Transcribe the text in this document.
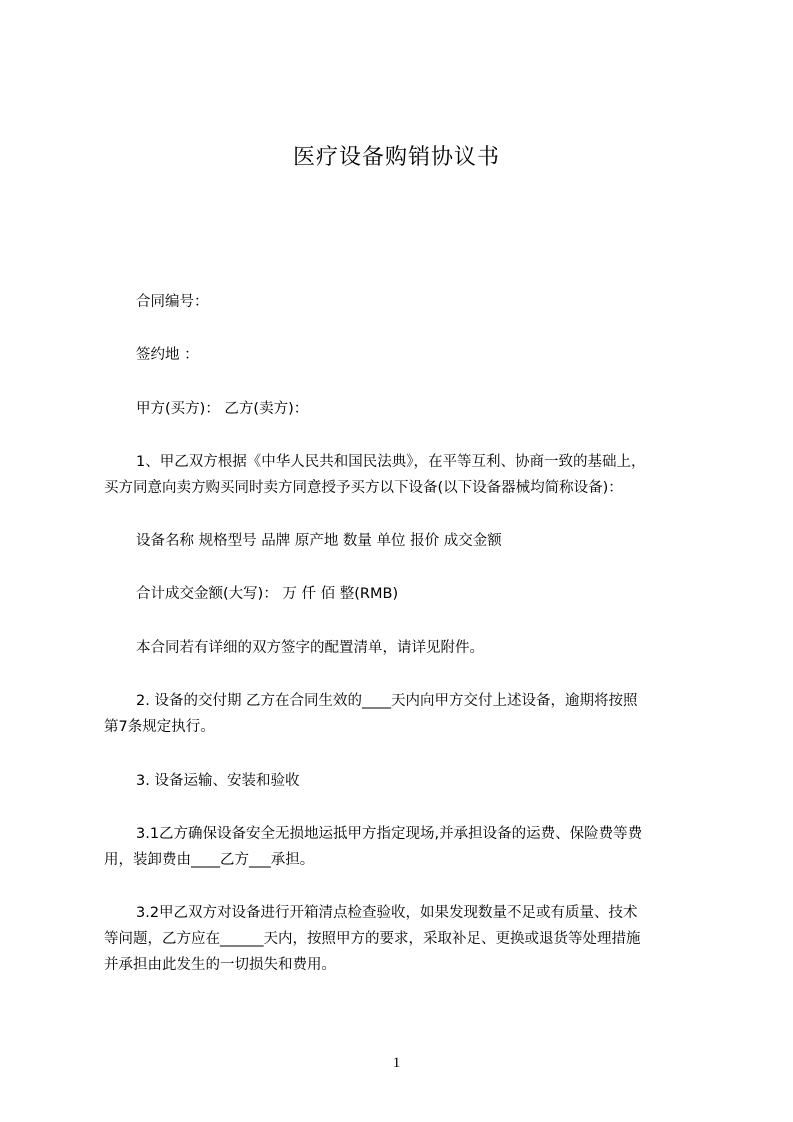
医疗设备购销协议书
合同编号：
签约地 ：
甲方(买方)： 乙方(卖方)：
1、甲乙双方根据《中华人民共和国民法典》，在平等互利、协商一致的基础上，
买方同意向卖方购买同时卖方同意授予买方以下设备(以下设备器械均简称设备)：
设备名称 规格型号 品牌 原产地 数量 单位 报价 成交金额
合计成交金额(大写)： 万 仟 佰 整(RMB)
本合同若有详细的双方签字的配置清单，请详见附件。
2. 设备的交付期 乙方在合同生效的____天内向甲方交付上述设备，逾期将按照
第7条规定执行。
3. 设备运输、安装和验收
3.1乙方确保设备安全无损地运抵甲方指定现场,并承担设备的运费、保险费等费
用，装卸费由____乙方___承担。
3.2甲乙双方对设备进行开箱清点检查验收，如果发现数量不足或有质量、技术
等问题，乙方应在______天内，按照甲方的要求，采取补足、更换或退货等处理措施
并承担由此发生的一切损失和费用。
1
